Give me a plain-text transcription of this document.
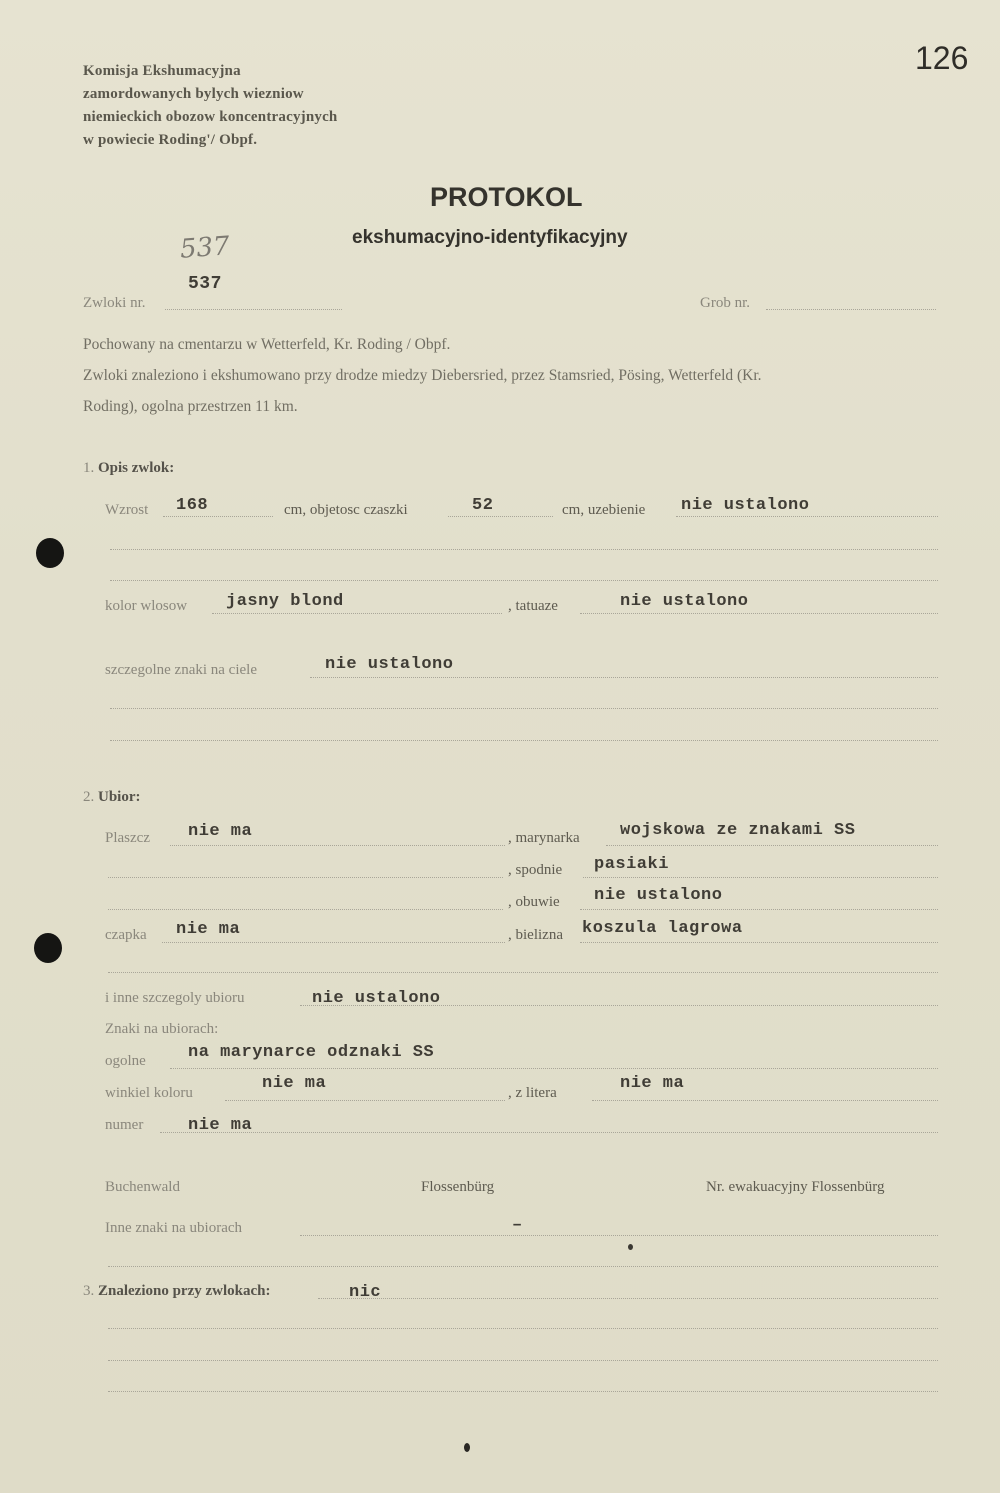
126
Komisja Ekshumacyjna
zamordowanych bylych wiezniow
niemieckich obozow koncentracyjnych
w powiecie Roding'/ Obpf.
PROTOKOL
ekshumacyjno-identyfikacyjny
537
537
Zwloki nr.	Grob nr.
Pochowany na cmentarzu w Wetterfeld, Kr. Roding / Obpf.
Zwloki znaleziono i ekshumowano przy drodze miedzy Diebersried, przez Stamsried, Pösing, Wetterfeld (Kr.
Roding), ogolna przestrzen 11 km.
1. Opis zwlok:
Wzrost 168	cm, objetosc czaszki	52	cm, uzebienie nie ustalono
kolor wlosow jasny blond	, tatuaze	nie ustalono
szczegolne znaki na ciele	nie ustalono
2. Ubior:
Plaszcz nie ma	, marynarka wojskowa ze znakami SS
, spodnie pasiaki
, obuwie nie ustalono
czapka nie ma	, bielizna koszula lagrowa
i inne szczegoly ubioru	nie ustalono
Znaki na ubiorach:
ogolne na marynarce odznaki SS
winkiel koloru	nie ma	, z litera	nie ma
numer	nie ma
Buchenwald	Flossenbürg	Nr. ewakuacyjny Flossenbürg
Inne znaki na ubiorach	–
3. Znaleziono przy zwlokach:	nic
